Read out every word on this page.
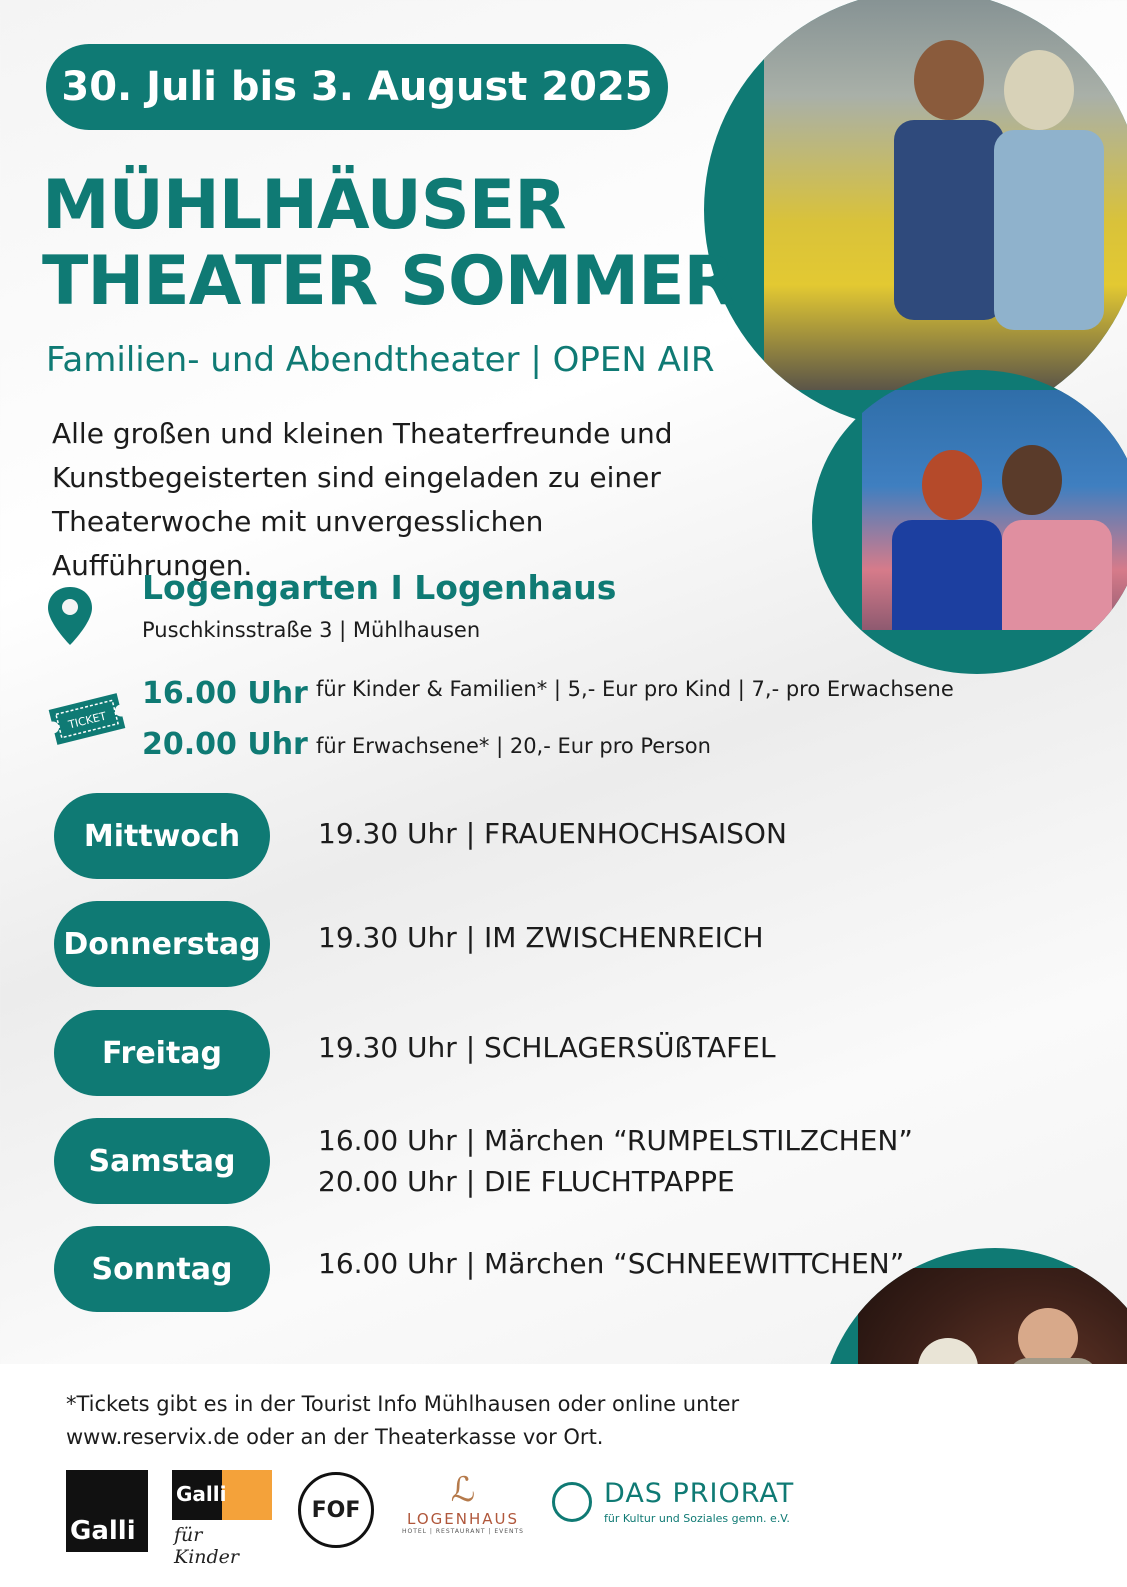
30. Juli bis 3. August 2025
MÜHLHÄUSER
THEATER SOMMER
Familien- und Abendtheater | OPEN AIR
Alle großen und kleinen Theaterfreunde und
Kunstbegeisterten sind eingeladen zu einer
Theaterwoche mit unvergesslichen Aufführungen.
Logengarten I Logenhaus
Puschkinsstraße 3 | Mühlhausen
TICKET
16.00 Uhr für Kinder & Familien* | 5,- Eur pro Kind | 7,- pro Erwachsene
20.00 Uhr für Erwachsene* | 20,- Eur pro Person
Mittwoch	19.30 Uhr | FRAUENHOCHSAISON
Donnerstag 19.30 Uhr | IM ZWISCHENREICH
Freitag	19.30 Uhr | SCHLAGERSÜßTAFEL
Samstag
16.00 Uhr | Märchen “RUMPELSTILZCHEN”
20.00 Uhr | DIE FLUCHTPAPPE
Sonntag	16.00 Uhr | Märchen “SCHNEEWITTCHEN”
*Tickets gibt es in der Tourist Info Mühlhausen oder online unter
www.reservix.de oder an der Theaterkasse vor Ort.
Galli
Galli
für Kinder
FOF	ℒ
LOGENHAUS
HOTEL | RESTAURANT | EVENTS
DAS PRIORAT
für Kultur und Soziales gemn. e.V.
